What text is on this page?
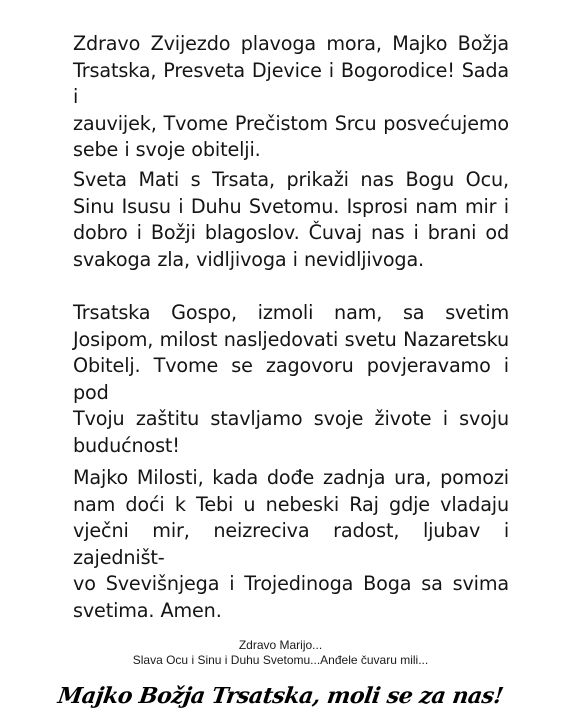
Zdravo Zvijezdo plavoga mora, Majko Božja
Trsatska, Presveta Djevice i Bogorodice! Sada i
zauvijek, Tvome Prečistom Srcu posvećujemo
sebe i svoje obitelji.

Sveta Mati s Trsata, prikaži nas Bogu Ocu,
Sinu Isusu i Duhu Svetomu. Isprosi nam mir i
dobro i Božji blagoslov. Čuvaj nas i brani od
svakoga zla, vidljivoga i nevidljivoga.

Trsatska Gospo, izmoli nam, sa svetim
Josipom, milost nasljedovati svetu Nazaretsku
Obitelj. Tvome se zagovoru povjeravamo i pod
Tvoju zaštitu stavljamo svoje živote i svoju
budućnost!

Majko Milosti, kada dođe zadnja ura, pomozi
nam doći k Tebi u nebeski Raj gdje vladaju
vječni mir, neizreciva radost, ljubav i zajedništ-
vo Svevišnjega i Trojedinoga Boga sa svima
svetima. Amen.

Zdravo Marijo...
Slava Ocu i Sinu i Duhu Svetomu...Anđele čuvaru mili...
Majko Božja Trsatska, moli se za nas!
